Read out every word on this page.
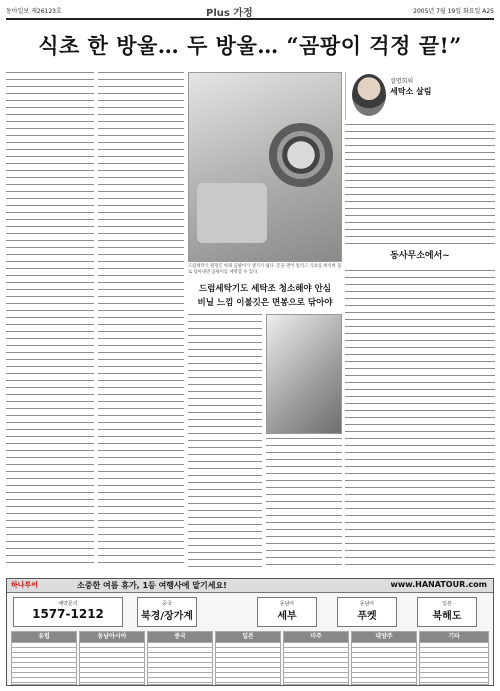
동아일보 제26123호	Plus 가정	2005년 7월 19일 화요일 A25
식초 한 방울… 두 방울… “곰팡이 걱정 끝!”
드럼세탁기 원형문 아래 곰팡이가 생기기 쉽다. 문을 열어 말리고 식초를 희석한 물로 닦아내면 곰팡이를 예방할 수 있다.
드럼세탁기도 세탁조 청소해야 안심
비닐 느낌 이불깃은 면봉으로 닦아야
설명희의
세탁소 살림
동사무소에서~
하나투어	소중한 여름 휴가, 1등 여행사에 맡기세요!	www.HANATOUR.com
예약문의
1577-1212
중국
북경/장가계
동남아
세부
동남아
푸켓
일본
북해도
유럽	동남아시아	중국	일본	미주	대양주	기타
